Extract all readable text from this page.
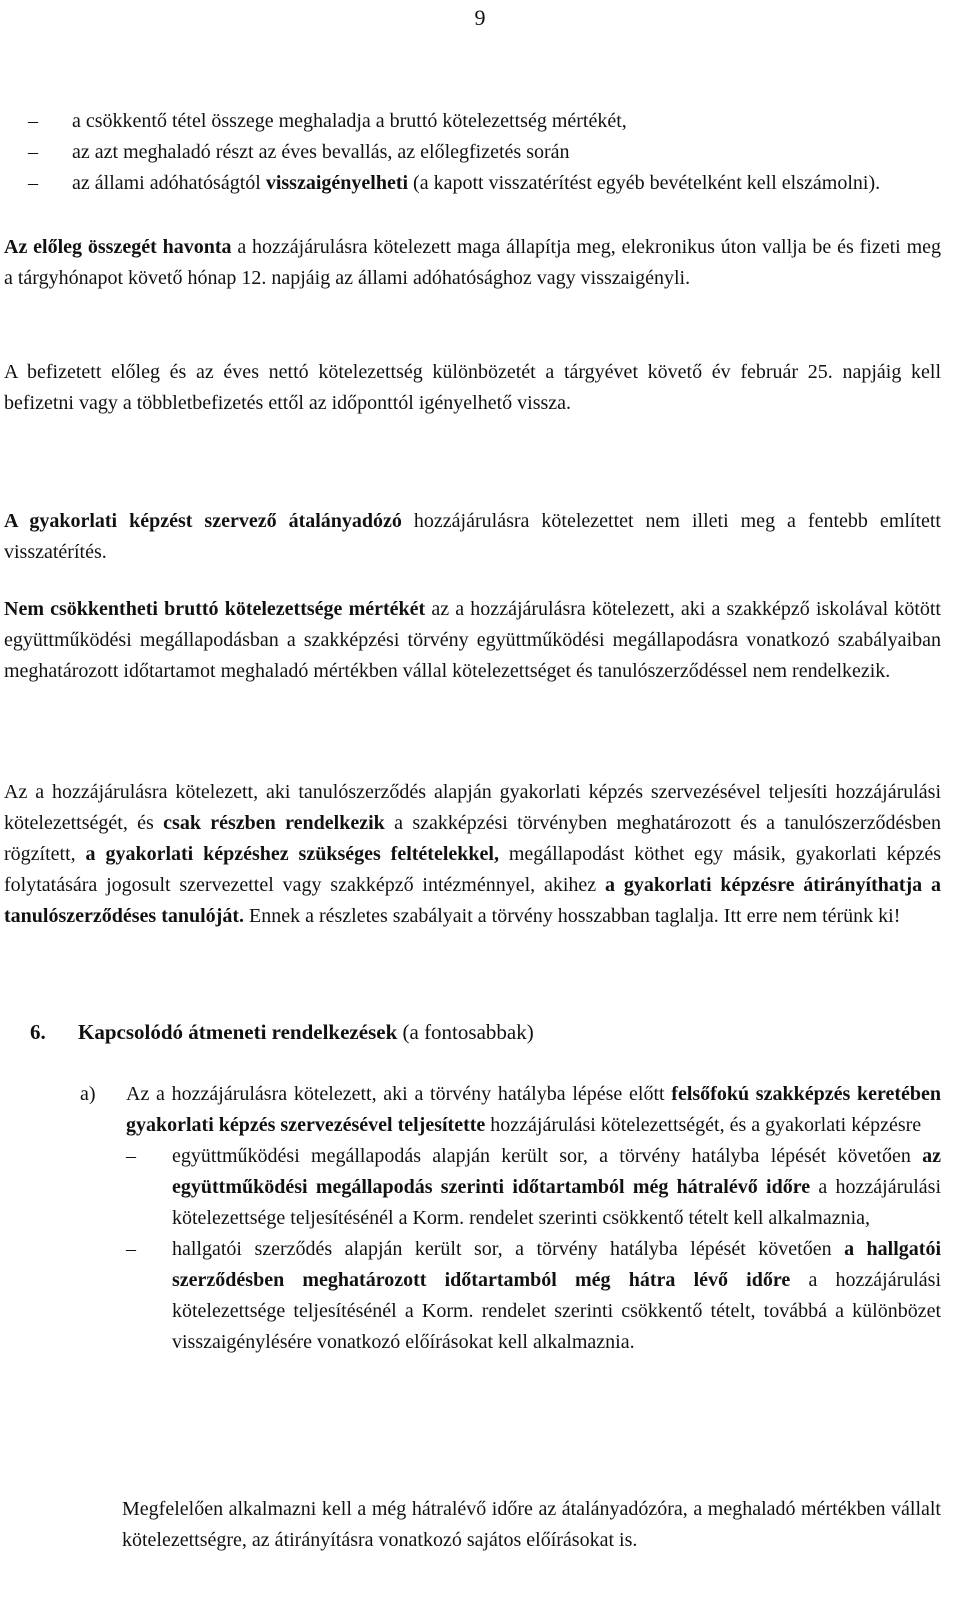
9
– a csökkentő tétel összege meghaladja a bruttó kötelezettség mértékét,
– az azt meghaladó részt az éves bevallás, az előlegfizetés során
– az állami adóhatóságtól visszaigényelheti (a kapott visszatérítést egyéb bevételként kell elszámolni).

Az előleg összegét havonta a hozzájárulásra kötelezett maga állapítja meg, elekronikus úton vallja be és fizeti meg a tárgyhónapot követő hónap 12. napjáig az állami adóhatósághoz vagy visszaigényli.

A befizetett előleg és az éves nettó kötelezettség különbözetét a tárgyévet követő év február 25. napjáig kell befizetni vagy a többletbefizetés ettől az időponttól igényelhető vissza.

A gyakorlati képzést szervező átalányadózó hozzájárulásra kötelezettet nem illeti meg a fentebb említett visszatérítés.

Nem csökkentheti bruttó kötelezettsége mértékét az a hozzájárulásra kötelezett, aki a szakképző iskolával kötött együttműködési megállapodásban a szakképzési törvény együttműködési megállapodásra vonatkozó szabályaiban meghatározott időtartamot meghaladó mértékben vállal kötelezettséget és tanulószerződéssel nem rendelkezik.

Az a hozzájárulásra kötelezett, aki tanulószerződés alapján gyakorlati képzés szervezésével teljesíti hozzájárulási kötelezettségét, és csak részben rendelkezik a szakképzési törvényben meghatározott és a tanulószerződésben rögzített, a gyakorlati képzéshez szükséges feltételekkel, megállapodást köthet egy másik, gyakorlati képzés folytatására jogosult szervezettel vagy szakképző intézménnyel, akihez a gyakorlati képzésre átirányíthatja a tanulószerződéses tanulóját. Ennek a részletes szabályait a törvény hosszabban taglalja. Itt erre nem térünk ki!

6. Kapcsolódó átmeneti rendelkezések (a fontosabbak)
a) Az a hozzájárulásra kötelezett, aki a törvény hatályba lépése előtt felsőfokú szakképzés keretében gyakorlati képzés szervezésével teljesítette hozzájárulási kötelezettségét, és a gyakorlati képzésre
– együttműködési megállapodás alapján került sor, a törvény hatályba lépését követően az együttműködési megállapodás szerinti időtartamból még hátralévő időre a hozzájárulási kötelezettsége teljesítésénél a Korm. rendelet szerinti csökkentő tételt kell alkalmaznia,
– hallgatói szerződés alapján került sor, a törvény hatályba lépését követően a hallgatói szerződésben meghatározott időtartamból még hátra lévő időre a hozzájárulási kötelezettsége teljesítésénél a Korm. rendelet szerinti csökkentő tételt, továbbá a különbözet visszaigénylésére vonatkozó előírásokat kell alkalmaznia.

Megfelelően alkalmazni kell a még hátralévő időre az átalányadózóra, a meghaladó mértékben vállalt kötelezettségre, az átirányításra vonatkozó sajátos előírásokat is.
